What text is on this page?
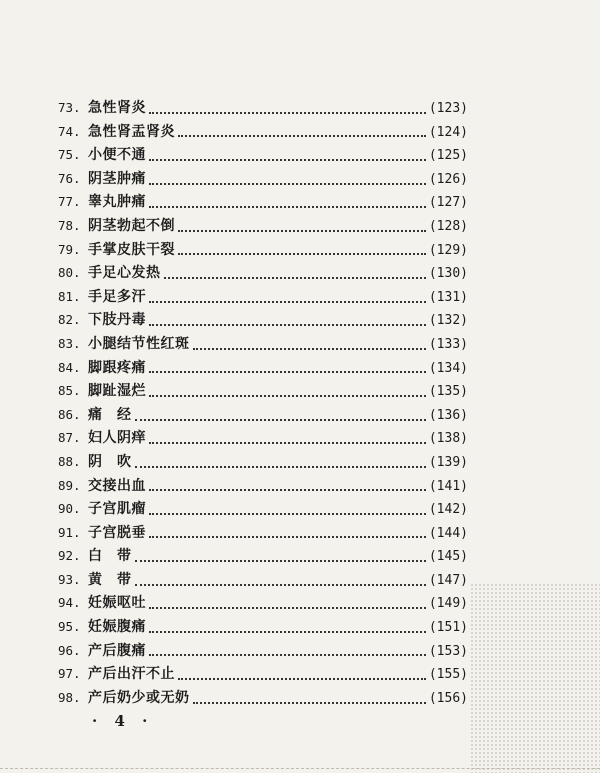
73. 急性肾炎	(123)
74. 急性肾盂肾炎	(124)
75. 小便不通	(125)
76. 阴茎肿痛	(126)
77. 睾丸肿痛	(127)
78. 阴茎勃起不倒	(128)
79. 手掌皮肤干裂	(129)
80. 手足心发热	(130)
81. 手足多汗	(131)
82. 下肢丹毒	(132)
83. 小腿结节性红斑	(133)
84. 脚跟疼痛	(134)
85. 脚趾湿烂	(135)
86. 痛　经	(136)
87. 妇人阴痒	(138)
88. 阴　吹	(139)
89. 交接出血	(141)
90. 子宫肌瘤	(142)
91. 子宫脱垂	(144)
92. 白　带	(145)
93. 黄　带	(147)
94. 妊娠呕吐	(149)
95. 妊娠腹痛	(151)
96. 产后腹痛	(153)
97. 产后出汗不止	(155)
98. 产后奶少或无奶	(156)
· 4 ·
